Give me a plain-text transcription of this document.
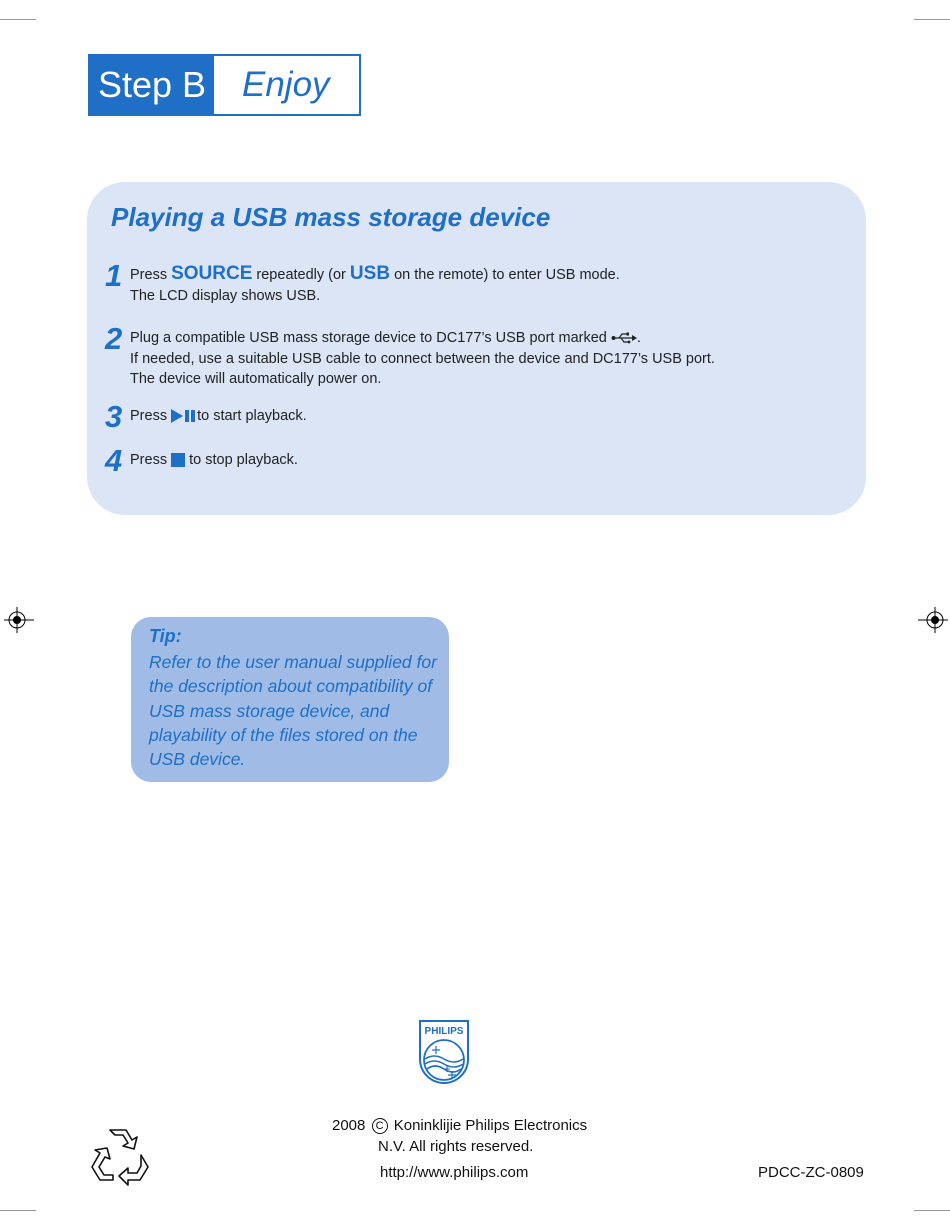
Step B	Enjoy
Playing a USB mass storage device
1 Press SOURCE repeatedly (or USB on the remote) to enter USB mode.
The LCD display shows USB.
2 Plug a compatible USB mass storage device to DC177’s USB port marked .
If needed, use a suitable USB cable to connect between the device and DC177’s USB port.
The device will automatically power on.
3 Press to start playback.
4 Press  to stop playback.
Tip:
Refer to the user manual supplied for the description about compatibility of USB mass storage device, and playability of the files stored on the USB device.
PHILIPS
2008 C Koninklijie Philips Electronics
N.V. All rights reserved.
http://www.philips.com	PDCC-ZC-0809
